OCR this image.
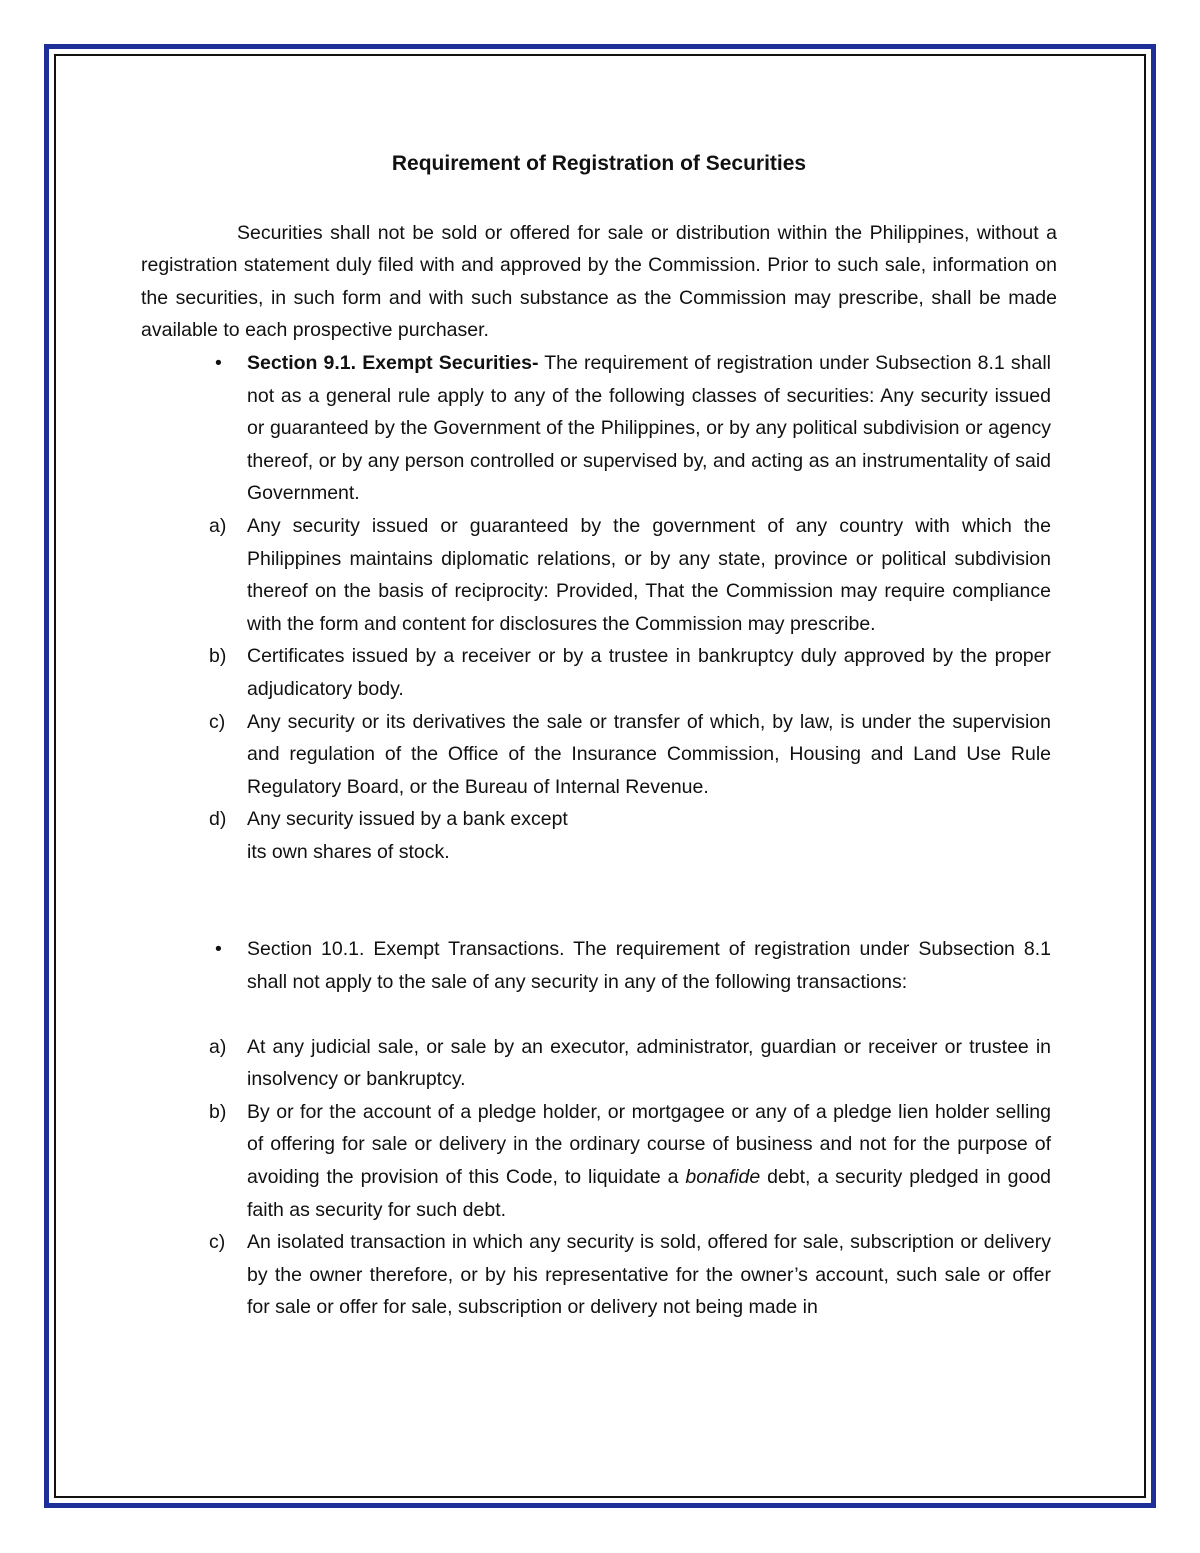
Requirement of Registration of Securities

Securities shall not be sold or offered for sale or distribution within the Philippines, without a registration statement duly filed with and approved by the Commission. Prior to such sale, information on the securities, in such form and with such substance as the Commission may prescribe, shall be made available to each prospective purchaser.

•	Section 9.1. Exempt Securities- The requirement of registration under Subsection 8.1 shall not as a general rule apply to any of the following classes of securities: Any security issued or guaranteed by the Government of the Philippines, or by any political subdivision or agency thereof, or by any person controlled or supervised by, and acting as an instrumentality of said Government.
a)	Any security issued or guaranteed by the government of any country with which the Philippines maintains diplomatic relations, or by any state, province or political subdivision thereof on the basis of reciprocity: Provided, That the Commission may require compliance with the form and content for disclosures the Commission may prescribe.
b)	Certificates issued by a receiver or by a trustee in bankruptcy duly approved by the proper adjudicatory body.
c)	Any security or its derivatives the sale or transfer of which, by law, is under the supervision and regulation of the Office of the Insurance Commission, Housing and Land Use Rule Regulatory Board, or the Bureau of Internal Revenue.
d)	Any security issued by a bank except
its own shares of stock.
•	Section 10.1. Exempt Transactions. The requirement of registration under Subsection 8.1 shall not apply to the sale of any security in any of the following transactions:
a)	At any judicial sale, or sale by an executor, administrator, guardian or receiver or trustee in insolvency or bankruptcy.
b)	By or for the account of a pledge holder, or mortgagee or any of a pledge lien holder selling of offering for sale or delivery in the ordinary course of business and not for the purpose of avoiding the provision of this Code, to liquidate a bonafide debt, a security pledged in good faith as security for such debt.
c)	An isolated transaction in which any security is sold, offered for sale, subscription or delivery by the owner therefore, or by his representative for the owner’s account, such sale or offer for sale or offer for sale, subscription or delivery not being made in
